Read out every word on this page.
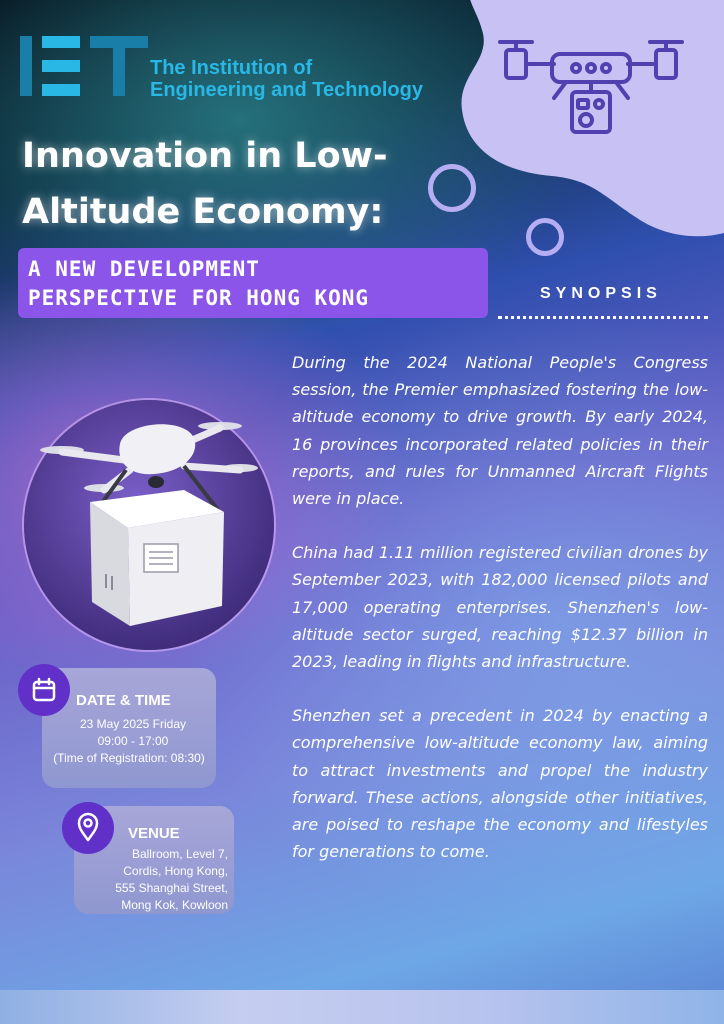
The Institution of
Engineering and Technology
Innovation in Low-
Altitude Economy:
A NEW DEVELOPMENT
PERSPECTIVE FOR HONG KONG	SYNOPSIS

During the 2024 National People's Congress session, the Premier emphasized fostering the low-altitude economy to drive growth. By early 2024, 16 provinces incorporated related policies in their reports, and rules for Unmanned Aircraft Flights were in place.

China had 1.11 million registered civilian drones by September 2023, with 182,000 licensed pilots and 17,000 operating enterprises. Shenzhen's low-altitude sector surged, reaching $12.37 billion in 2023, leading in flights and infrastructure.

Shenzhen set a precedent in 2024 by enacting a comprehensive low-altitude economy law, aiming to attract investments and propel the industry forward. These actions, alongside other initiatives, are poised to reshape the economy and lifestyles for generations to come.

DATE & TIME
23 May 2025 Friday
09:00 - 17:00
(Time of Registration: 08:30)
VENUE
Ballroom, Level 7,
Cordis, Hong Kong,
555 Shanghai Street,
Mong Kok, Kowloon
